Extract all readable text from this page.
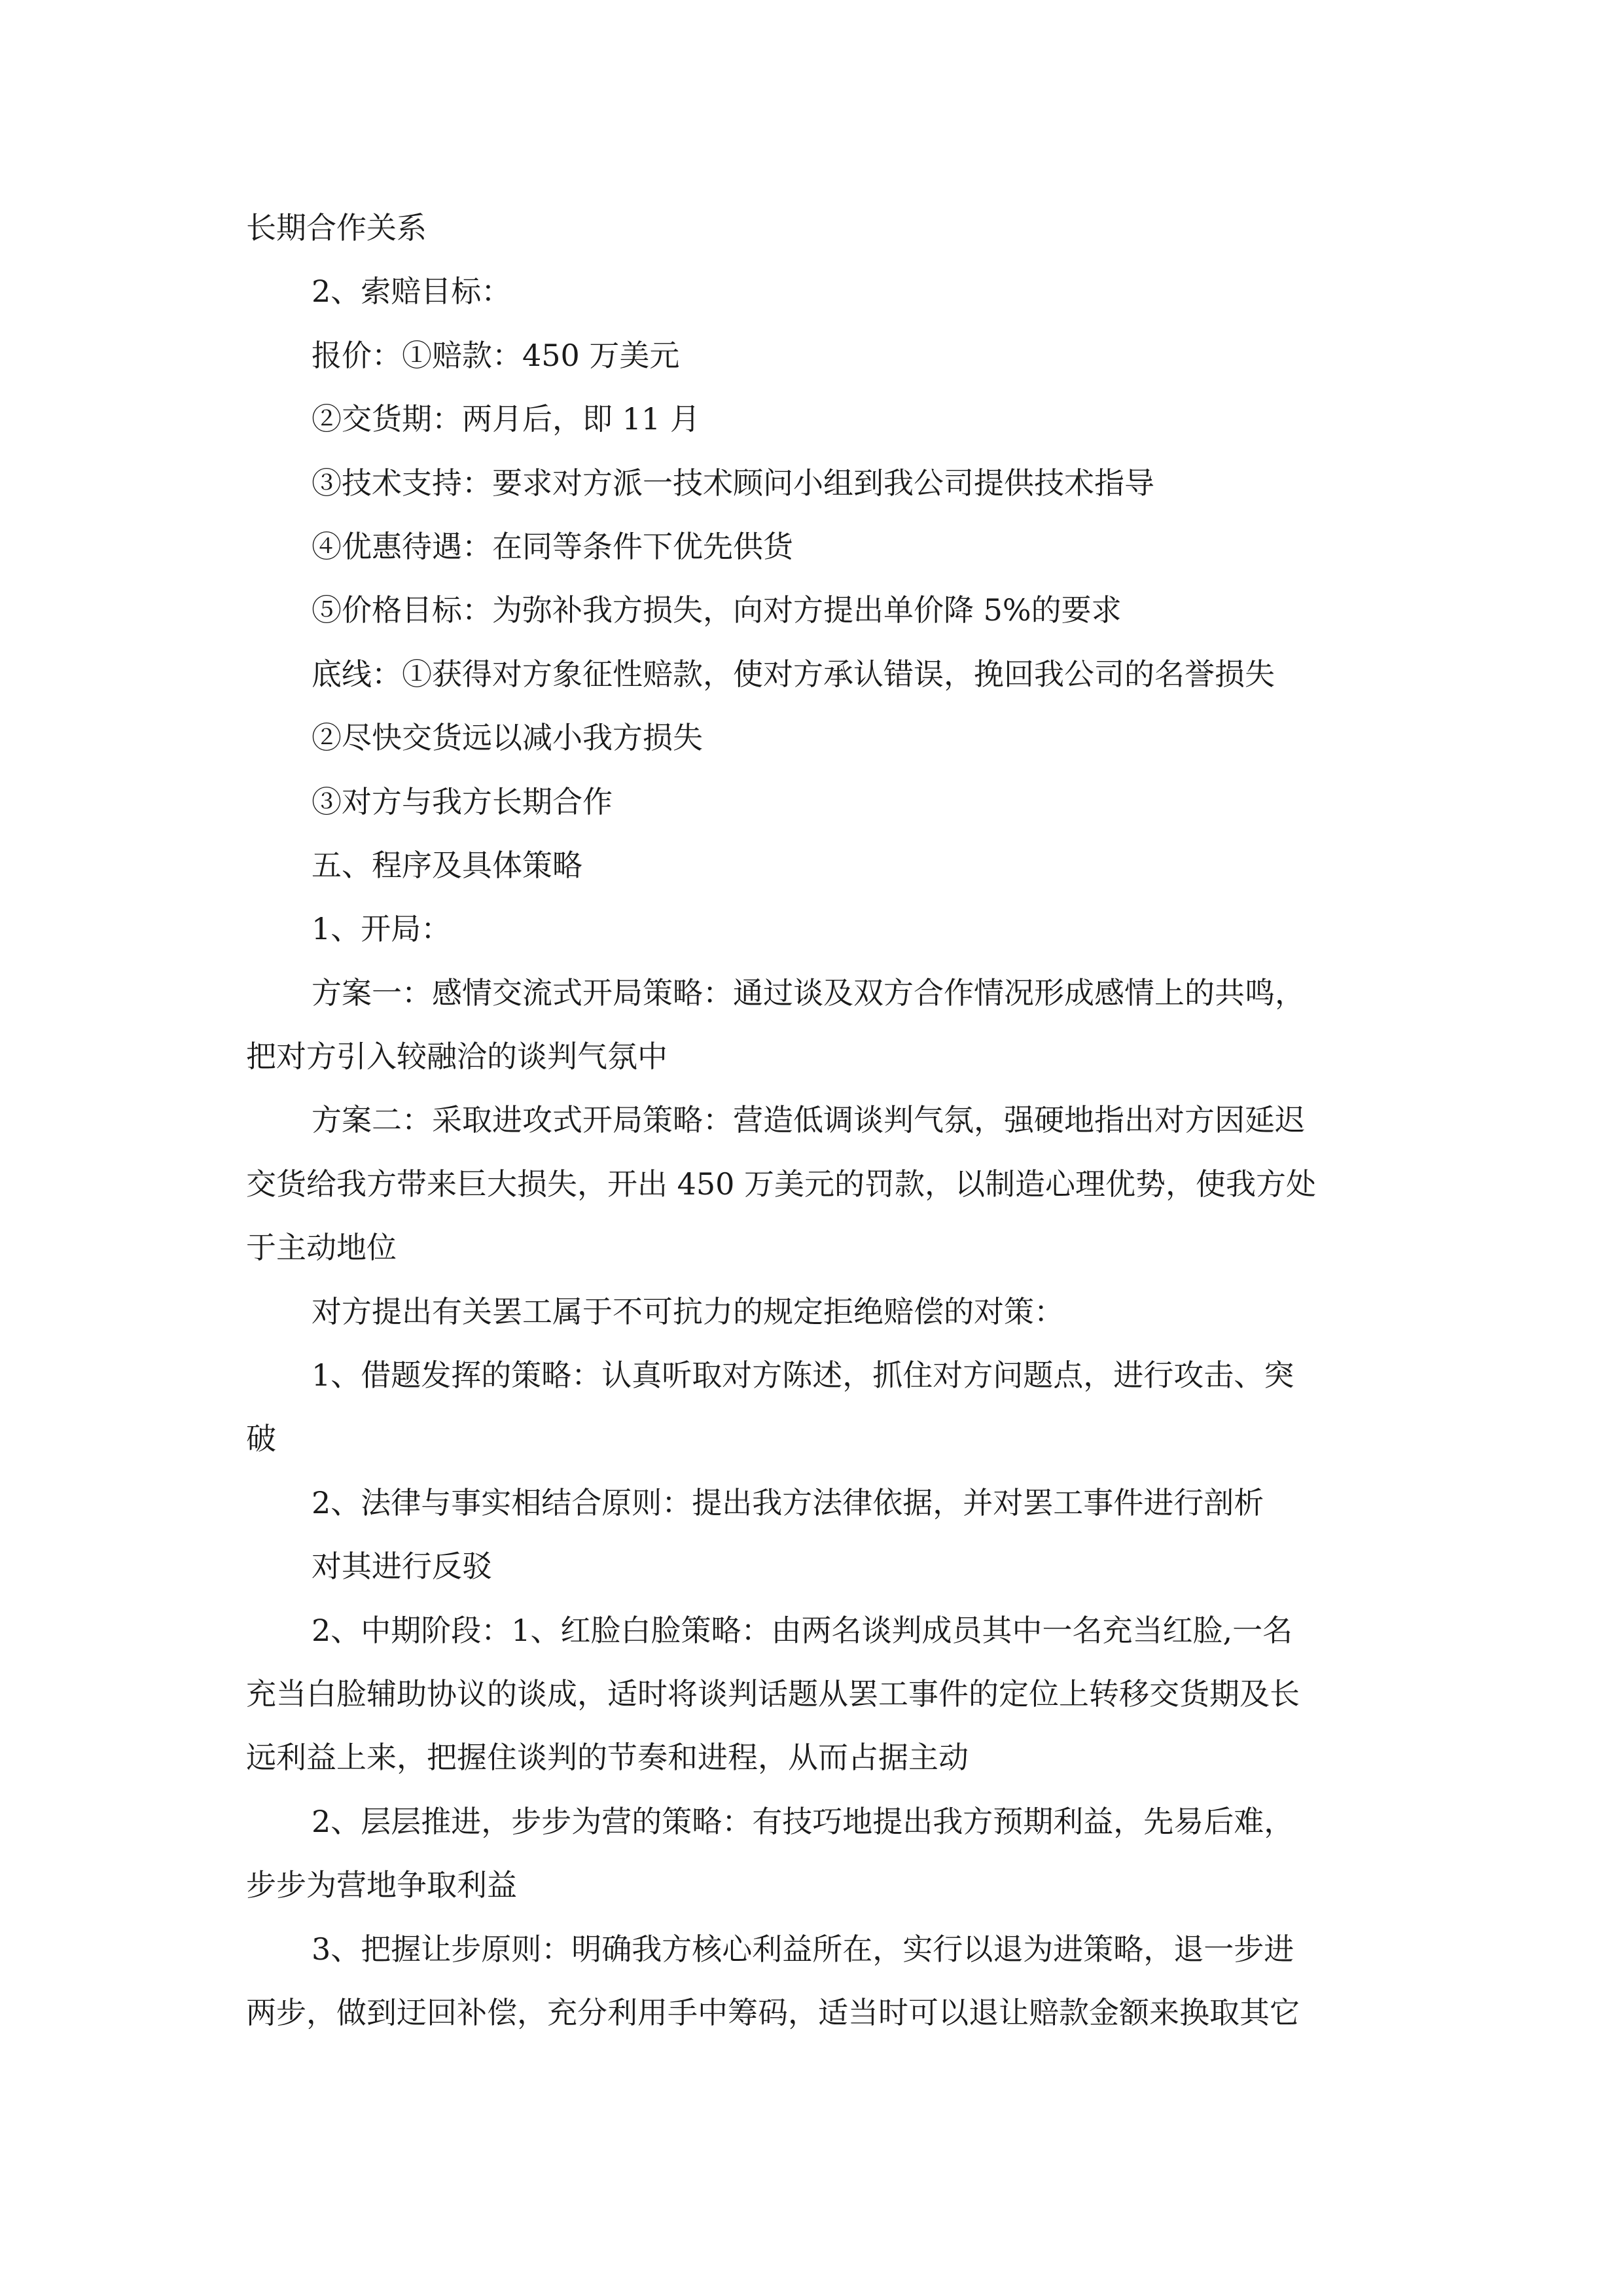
长期合作关系
2、索赔目标：
报价：①赔款：450 万美元
②交货期：两月后，即 11 月
③技术支持：要求对方派一技术顾问小组到我公司提供技术指导
④优惠待遇：在同等条件下优先供货
⑤价格目标：为弥补我方损失，向对方提出单价降 5%的要求
底线：①获得对方象征性赔款，使对方承认错误，挽回我公司的名誉损失
②尽快交货远以减小我方损失
③对方与我方长期合作
五、程序及具体策略
1、开局：
方案一：感情交流式开局策略：通过谈及双方合作情况形成感情上的共鸣，
把对方引入较融洽的谈判气氛中
方案二：采取进攻式开局策略：营造低调谈判气氛，强硬地指出对方因延迟
交货给我方带来巨大损失，开出 450 万美元的罚款，以制造心理优势，使我方处
于主动地位
对方提出有关罢工属于不可抗力的规定拒绝赔偿的对策：
1、借题发挥的策略：认真听取对方陈述，抓住对方问题点，进行攻击、突
破
2、法律与事实相结合原则：提出我方法律依据，并对罢工事件进行剖析
对其进行反驳
2、中期阶段：1、红脸白脸策略：由两名谈判成员其中一名充当红脸,一名
充当白脸辅助协议的谈成，适时将谈判话题从罢工事件的定位上转移交货期及长
远利益上来，把握住谈判的节奏和进程，从而占据主动
2、层层推进，步步为营的策略：有技巧地提出我方预期利益，先易后难，
步步为营地争取利益
3、把握让步原则：明确我方核心利益所在，实行以退为进策略，退一步进
两步，做到迂回补偿，充分利用手中筹码，适当时可以退让赔款金额来换取其它
